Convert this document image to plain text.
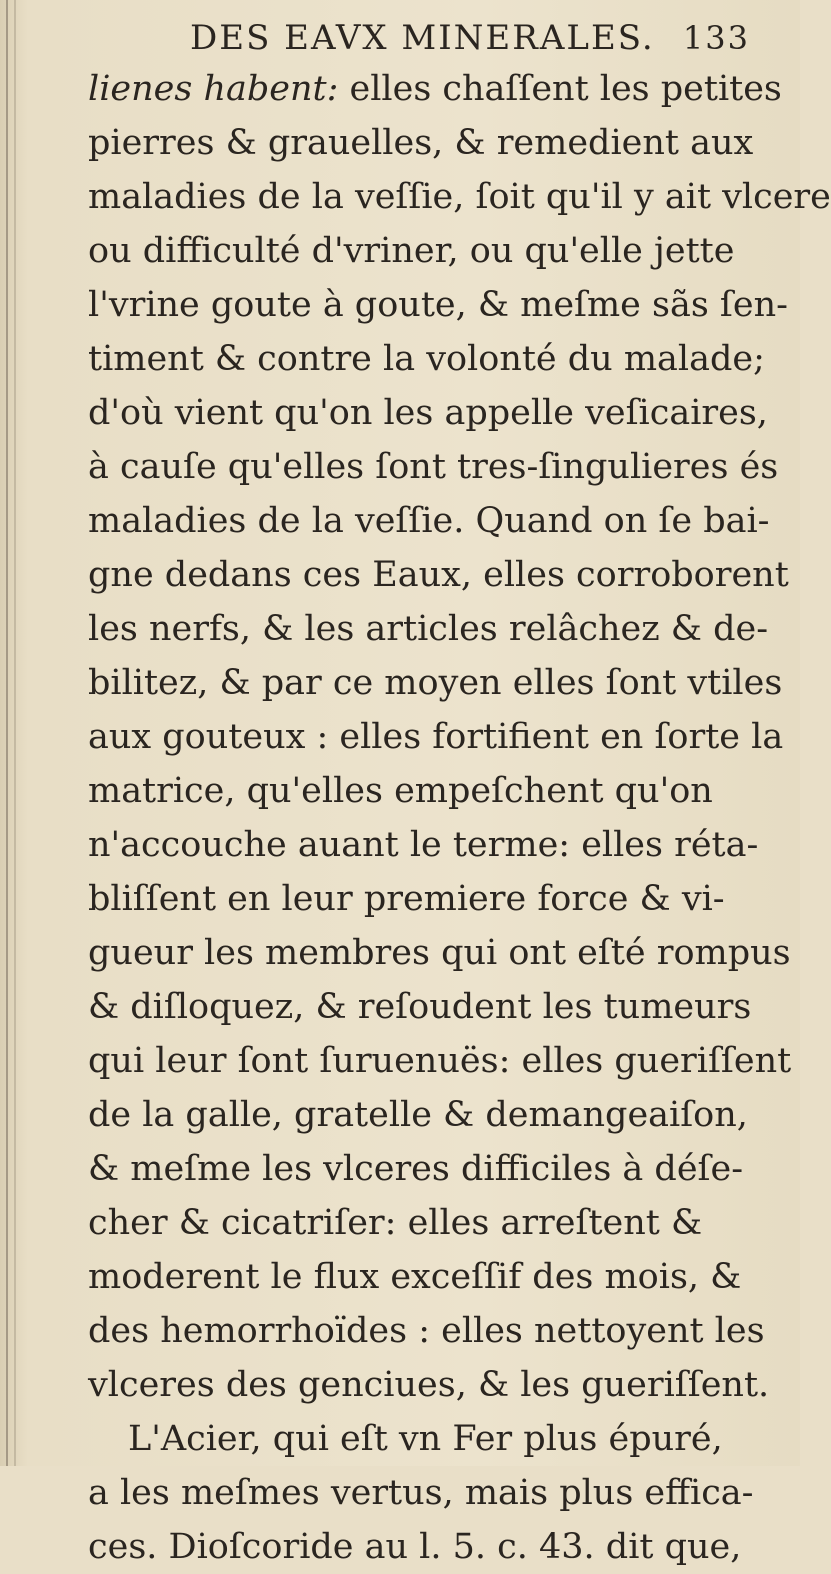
DES EAVX MINERALES. 133
lienes habent: elles chaſſent les petites
pierres & grauelles, & remedient aux
maladies de la veſſie, ſoit qu'il y ait vlcere
ou difficulté d'vriner, ou qu'elle jette
l'vrine goute à goute, & meſme sãs ſen-
timent & contre la volonté du malade;
d'où vient qu'on les appelle veſicaires,
à cauſe qu'elles ſont tres-ſingulieres és
maladies de la veſſie. Quand on ſe bai-
gne dedans ces Eaux, elles corroborent
les nerfs, & les articles relâchez & de-
bilitez, & par ce moyen elles ſont vtiles
aux gouteux : elles fortifient en ſorte la
matrice, qu'elles empeſchent qu'on
n'accouche auant le terme: elles réta-
bliſſent en leur premiere force & vi-
gueur les membres qui ont eſté rompus
& diſloquez, & reſoudent les tumeurs
qui leur ſont ſuruenuës: elles gueriſſent
de la galle, gratelle & demangeaiſon,
& meſme les vlceres difficiles à déſe-
cher & cicatriſer: elles arreſtent &
moderent le flux exceſſif des mois, &
des hemorrhoïdes : elles nettoyent les
vlceres des genciues, & les gueriſſent.
L'Acier, qui eſt vn Fer plus épuré,
a les meſmes vertus, mais plus effica-
ces. Dioſcoride au l. 5. c. 43. dit que,
